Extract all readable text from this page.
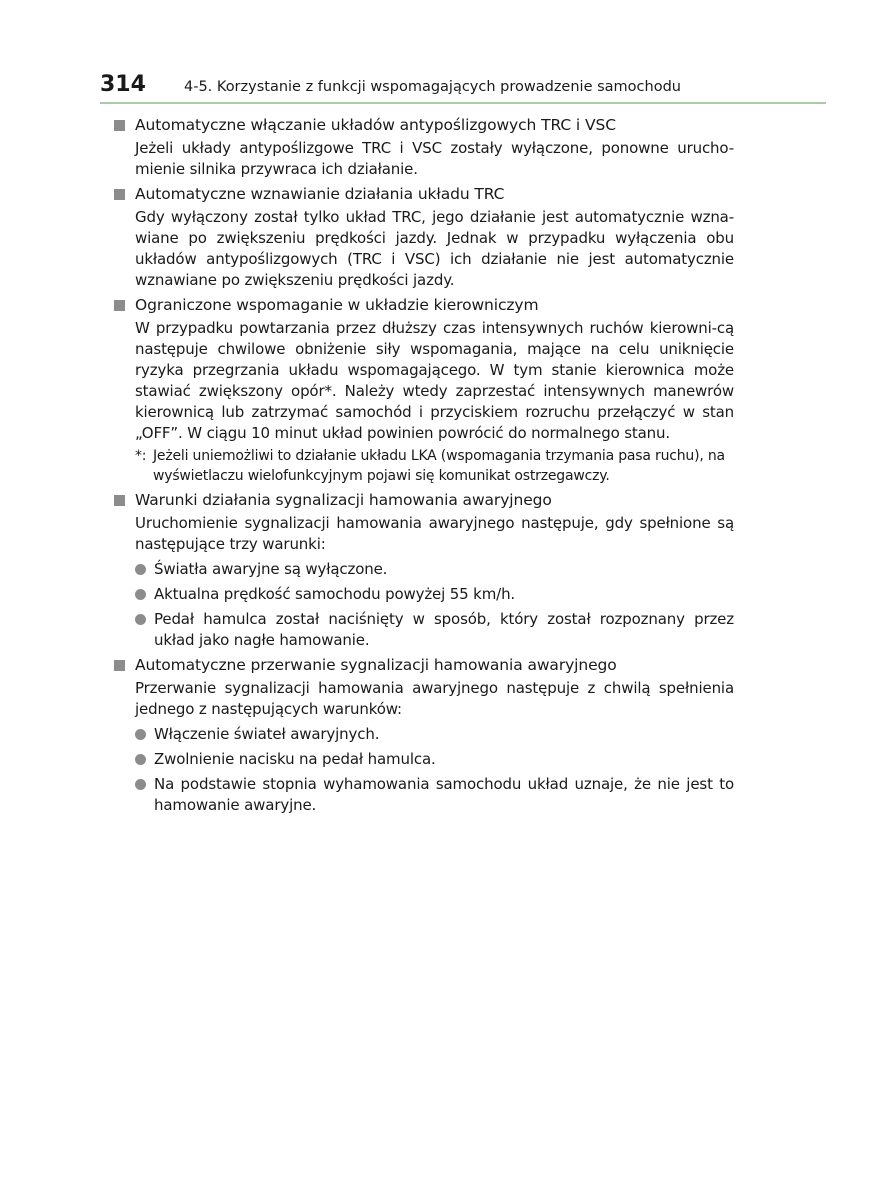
314	4-5. Korzystanie z funkcji wspomagających prowadzenie samochodu
Automatyczne włączanie układów antypoślizgowych TRC i VSC
Jeżeli układy antypoślizgowe TRC i VSC zostały wyłączone, ponowne urucho-mienie silnika przywraca ich działanie.
Automatyczne wznawianie działania układu TRC
Gdy wyłączony został tylko układ TRC, jego działanie jest automatycznie wzna-wiane po zwiększeniu prędkości jazdy. Jednak w przypadku wyłączenia obu układów antypoślizgowych (TRC i VSC) ich działanie nie jest automatycznie wznawiane po zwiększeniu prędkości jazdy.
Ograniczone wspomaganie w układzie kierowniczym
W przypadku powtarzania przez dłuższy czas intensywnych ruchów kierowni-cą następuje chwilowe obniżenie siły wspomagania, mające na celu uniknięcie ryzyka przegrzania układu wspomagającego. W tym stanie kierownica może stawiać zwiększony opór*. Należy wtedy zaprzestać intensywnych manewrów kierownicą lub zatrzymać samochód i przyciskiem rozruchu przełączyć w stan „OFF”. W ciągu 10 minut układ powinien powrócić do normalnego stanu.
*: Jeżeli uniemożliwi to działanie układu LKA (wspomagania trzymania pasa ruchu), na wyświetlaczu wielofunkcyjnym pojawi się komunikat ostrzegawczy.
Warunki działania sygnalizacji hamowania awaryjnego
Uruchomienie sygnalizacji hamowania awaryjnego następuje, gdy spełnione są następujące trzy warunki:
Światła awaryjne są wyłączone.
Aktualna prędkość samochodu powyżej 55 km/h.
Pedał hamulca został naciśnięty w sposób, który został rozpoznany przez układ jako nagłe hamowanie.
Automatyczne przerwanie sygnalizacji hamowania awaryjnego
Przerwanie sygnalizacji hamowania awaryjnego następuje z chwilą spełnienia jednego z następujących warunków:
Włączenie świateł awaryjnych.
Zwolnienie nacisku na pedał hamulca.
Na podstawie stopnia wyhamowania samochodu układ uznaje, że nie jest to hamowanie awaryjne.
